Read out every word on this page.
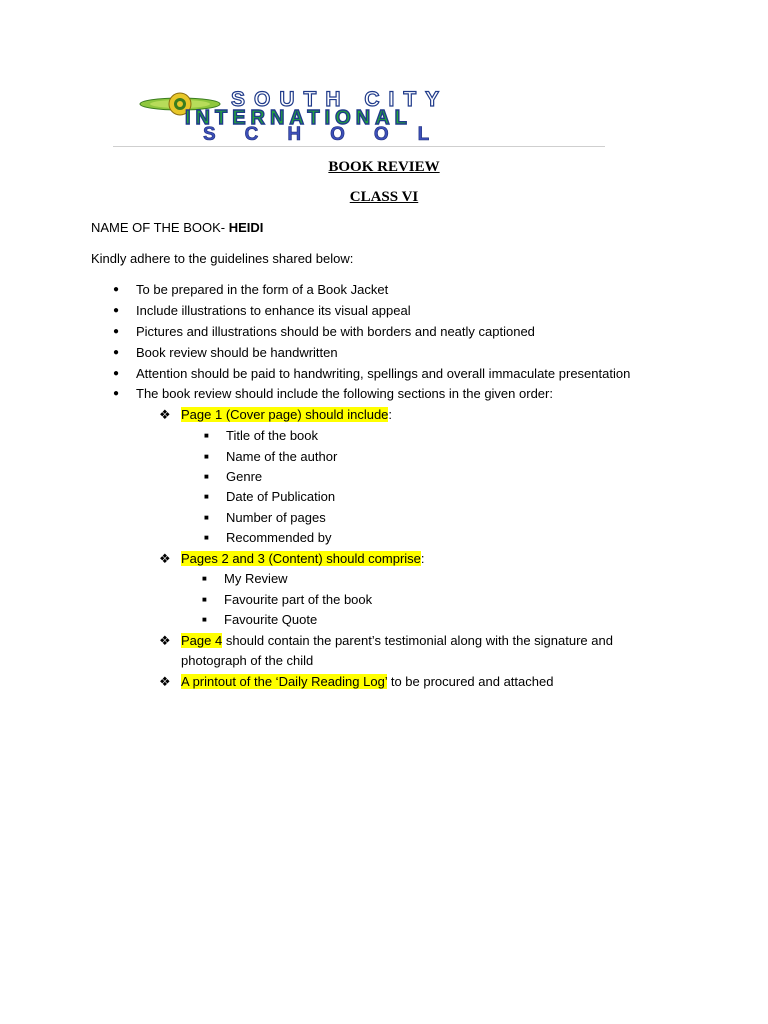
SOUTH CITY
INTERNATIONAL
SCHOOL
BOOK REVIEW
CLASS VI
NAME OF THE BOOK- HEIDI
Kindly adhere to the guidelines shared below:
● To be prepared in the form of a Book Jacket
● Include illustrations to enhance its visual appeal
● Pictures and illustrations should be with borders and neatly captioned
● Book review should be handwritten
● Attention should be paid to handwriting, spellings and overall immaculate presentation
● The book review should include the following sections in the given order:
❖ Page 1 (Cover page) should include:
■ Title of the book
■ Name of the author
■ Genre
■ Date of Publication
■ Number of pages
■ Recommended by
❖ Pages 2 and 3 (Content) should comprise:
■ My Review
■ Favourite part of the book
■ Favourite Quote
❖ Page 4 should contain the parent’s testimonial along with the signature and
photograph of the child
❖ A printout of the ‘Daily Reading Log’ to be procured and attached
